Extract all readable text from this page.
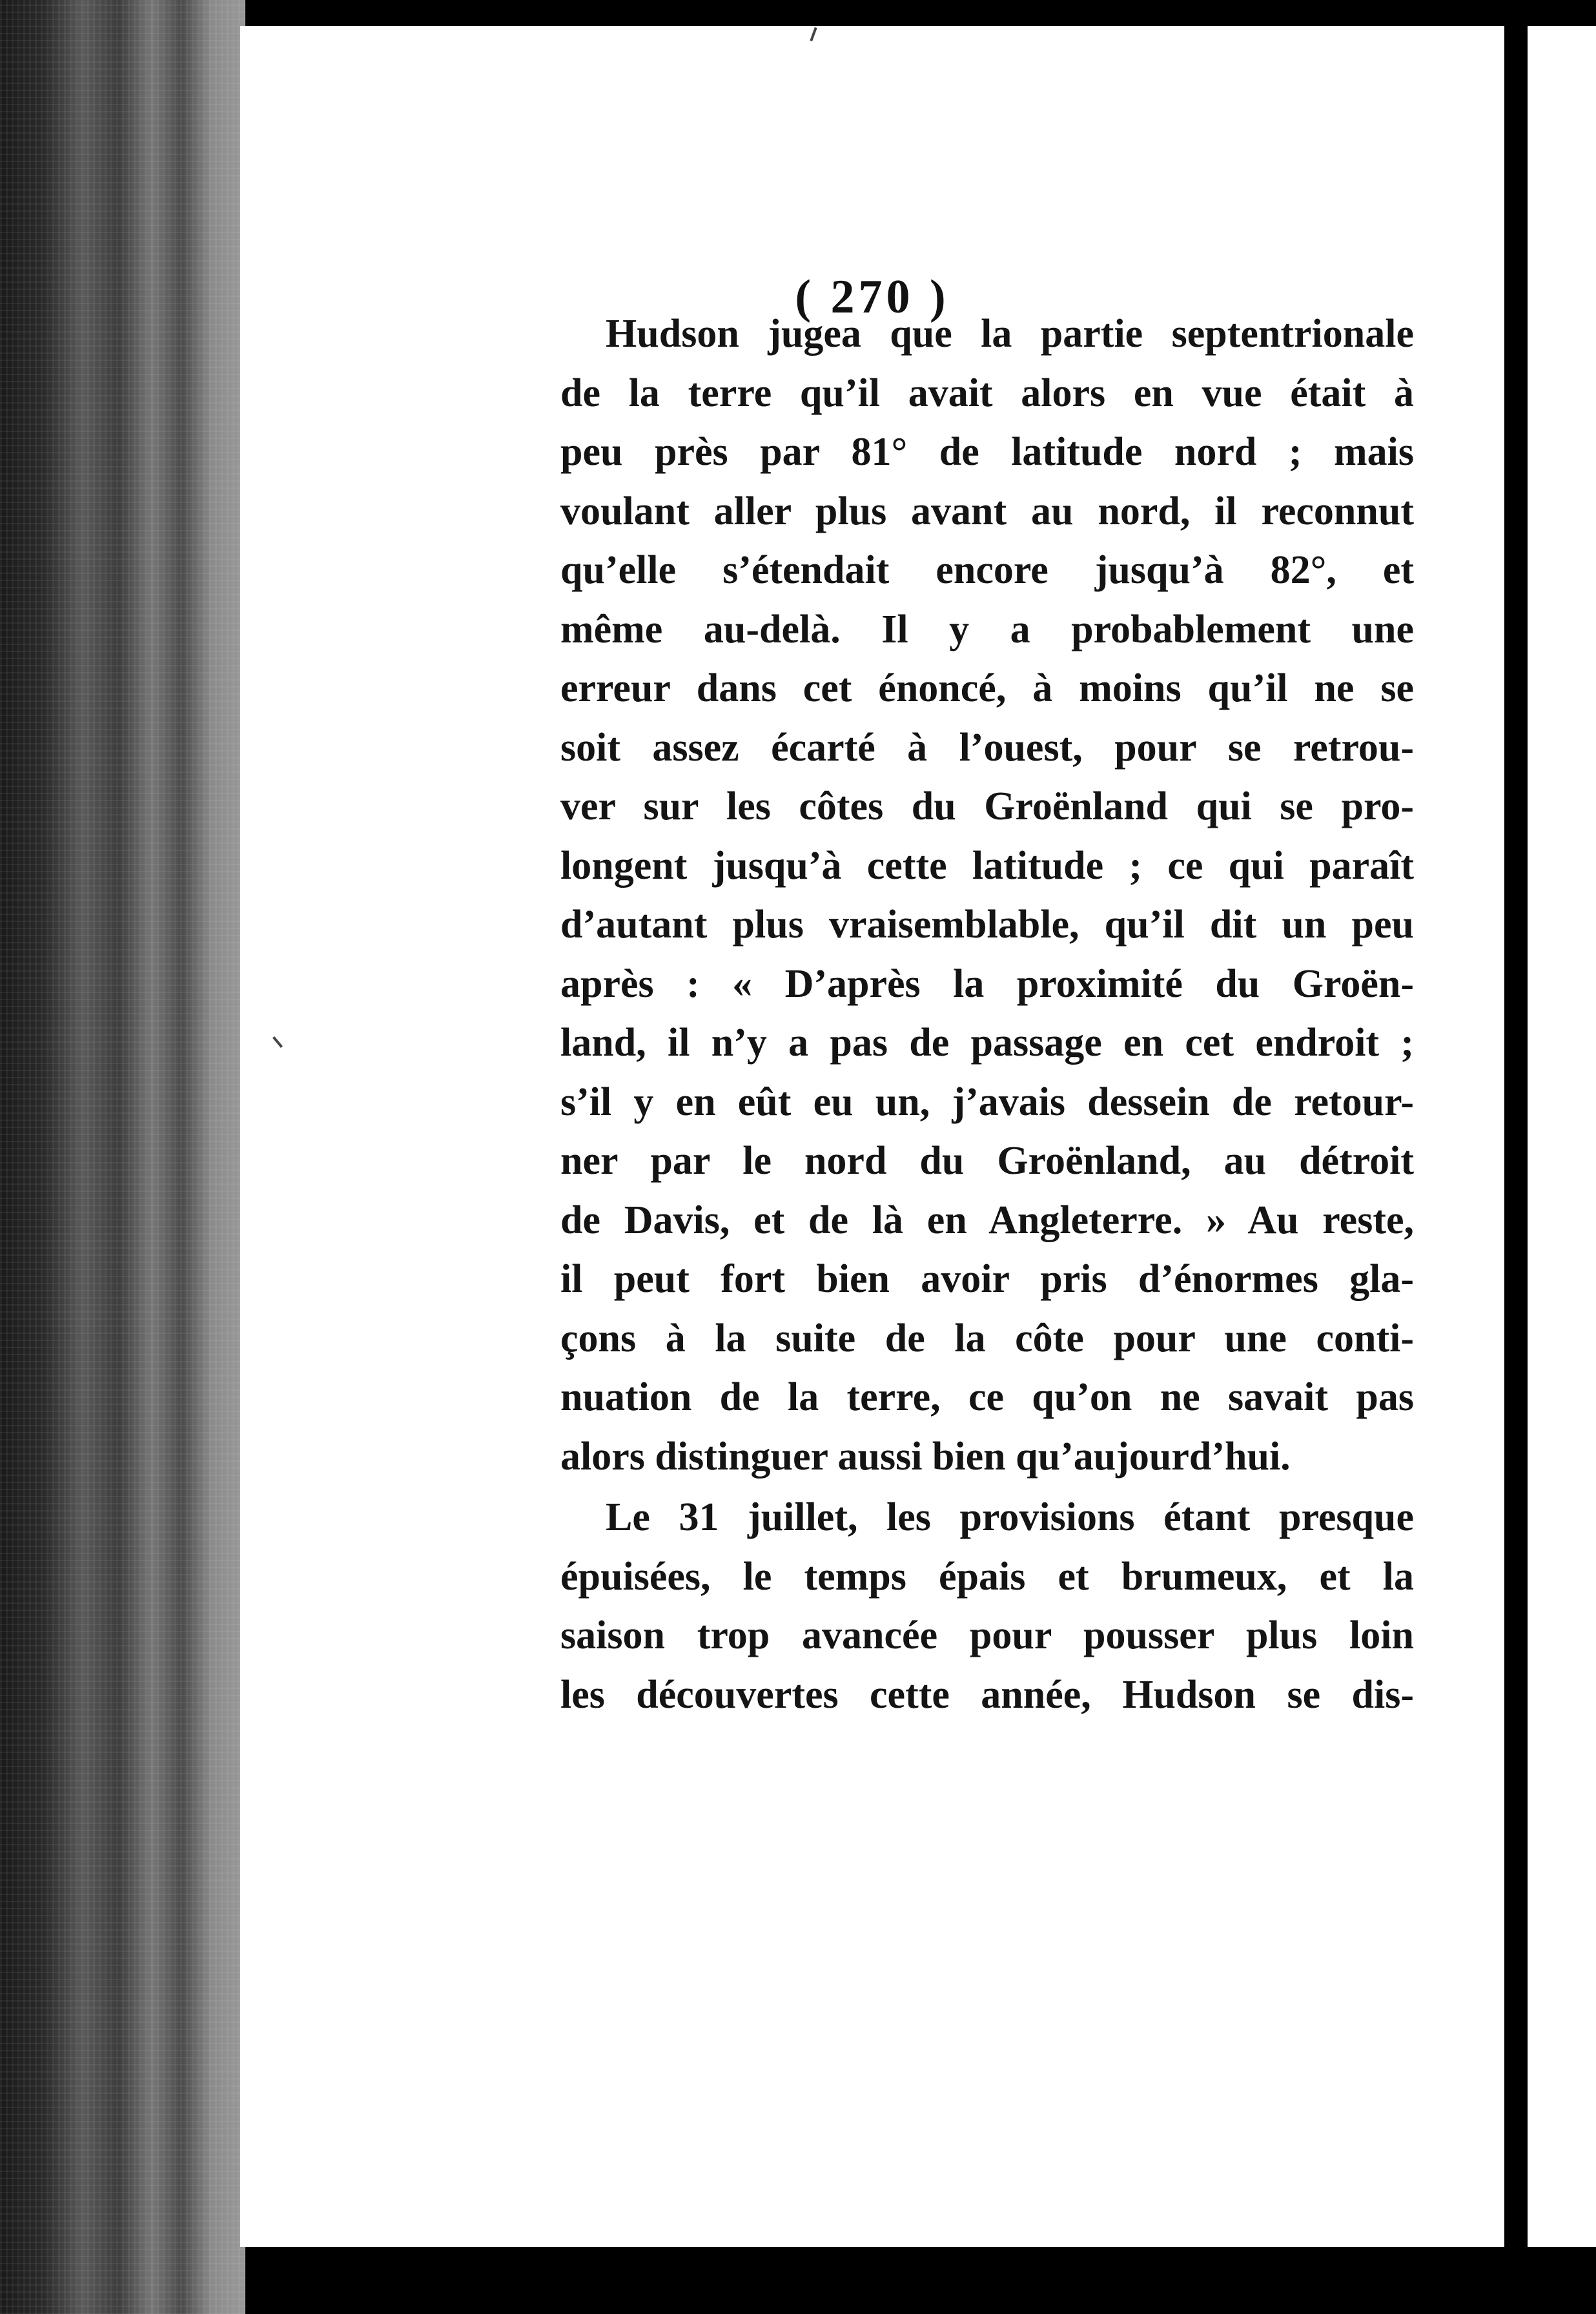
( 270 )
Hudson jugea que la partie septentrionale
de la terre qu’il avait alors en vue était à
peu près par 81° de latitude nord ; mais
voulant aller plus avant au nord, il reconnut
qu’elle s’étendait encore jusqu’à 82°, et
même au-delà. Il y a probablement une
erreur dans cet énoncé, à moins qu’il ne se
soit assez écarté à l’ouest, pour se retrou-
ver sur les côtes du Groënland qui se pro-
longent jusqu’à cette latitude ; ce qui paraît
d’autant plus vraisemblable, qu’il dit un peu
après : « D’après la proximité du Groën-
land, il n’y a pas de passage en cet endroit ;
s’il y en eût eu un, j’avais dessein de retour-
ner par le nord du Groënland, au détroit
de Davis, et de là en Angleterre. » Au reste,
il peut fort bien avoir pris d’énormes gla-
çons à la suite de la côte pour une conti-
nuation de la terre, ce qu’on ne savait pas
alors distinguer aussi bien qu’aujourd’hui.
Le 31 juillet, les provisions étant presque
épuisées, le temps épais et brumeux, et la
saison trop avancée pour pousser plus loin
les découvertes cette année, Hudson se dis-
